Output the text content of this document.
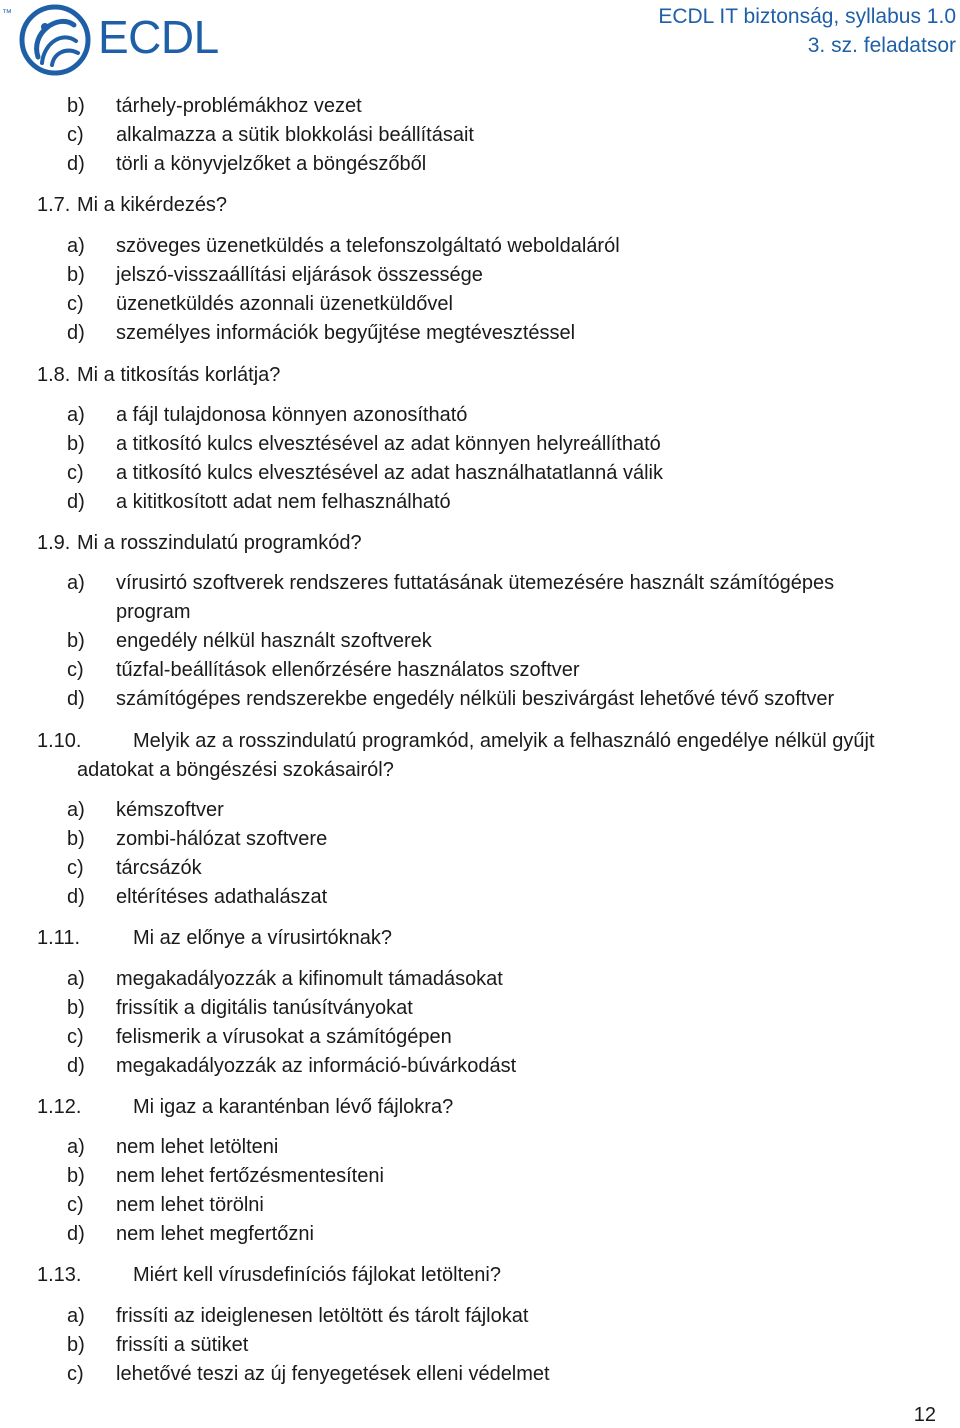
™ ECDL	ECDL IT biztonság, syllabus 1.0
3. sz. feladatsor
b) tárhely-problémákhoz vezet
c) alkalmazza a sütik blokkolási beállításait
d) törli a könyvjelzőket a böngészőből
1.7. Mi a kikérdezés?
a) szöveges üzenetküldés a telefonszolgáltató weboldaláról
b) jelszó-visszaállítási eljárások összessége
c) üzenetküldés azonnali üzenetküldővel
d) személyes információk begyűjtése megtévesztéssel
1.8. Mi a titkosítás korlátja?
a) a fájl tulajdonosa könnyen azonosítható
b) a titkosító kulcs elvesztésével az adat könnyen helyreállítható
c) a titkosító kulcs elvesztésével az adat használhatatlanná válik
d) a kititkosított adat nem felhasználható
1.9. Mi a rosszindulatú programkód?
a) vírusirtó szoftverek rendszeres futtatásának ütemezésére használt számítógépes
program
b) engedély nélkül használt szoftverek
c) tűzfal-beállítások ellenőrzésére használatos szoftver
d) számítógépes rendszerekbe engedély nélküli beszivárgást lehetővé tévő szoftver
1.10.	Melyik az a rosszindulatú programkód, amelyik a felhasználó engedélye nélkül gyűjt
adatokat a böngészési szokásairól?
a) kémszoftver
b) zombi-hálózat szoftvere
c) tárcsázók
d) eltérítéses adathalászat
1.11.	Mi az előnye a vírusirtóknak?
a) megakadályozzák a kifinomult támadásokat
b) frissítik a digitális tanúsítványokat
c) felismerik a vírusokat a számítógépen
d) megakadályozzák az információ-búvárkodást
1.12.	Mi igaz a karanténban lévő fájlokra?
a) nem lehet letölteni
b) nem lehet fertőzésmentesíteni
c) nem lehet törölni
d) nem lehet megfertőzni
1.13.	Miért kell vírusdefiníciós fájlokat letölteni?
a) frissíti az ideiglenesen letöltött és tárolt fájlokat
b) frissíti a sütiket
c) lehetővé teszi az új fenyegetések elleni védelmet
12
